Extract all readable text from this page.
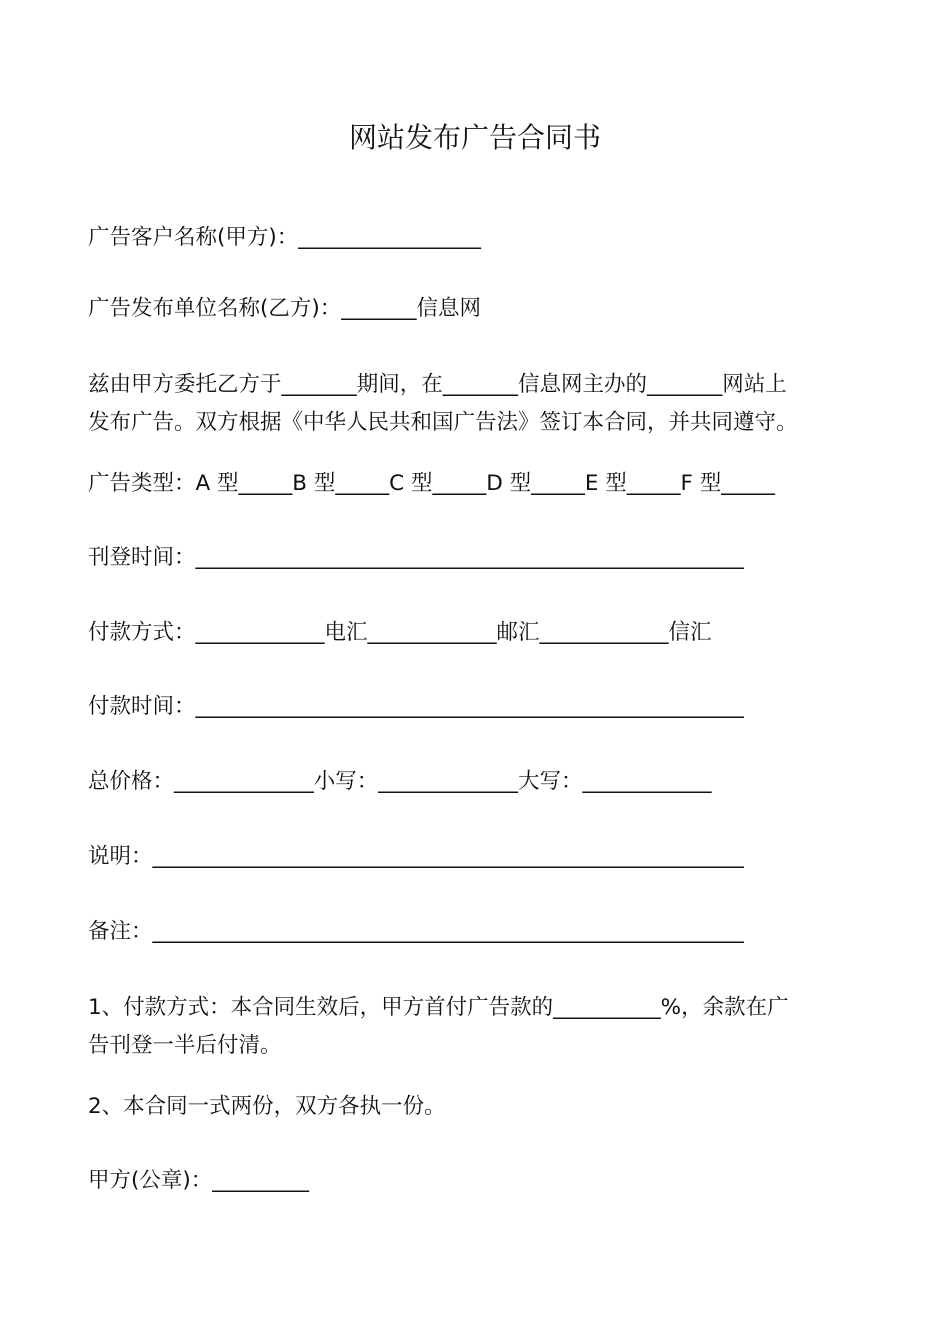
网站发布广告合同书
广告客户名称(甲方)：_________________
广告发布单位名称(乙方)：_______信息网
兹由甲方委托乙方于_______期间，在_______信息网主办的_______网站上
发布广告。双方根据《中华人民共和国广告法》签订本合同，并共同遵守。
广告类型：A 型_____B 型_____C 型_____D 型_____E 型_____F 型_____
刊登时间：___________________________________________________
付款方式：____________电汇____________邮汇____________信汇
付款时间：___________________________________________________
总价格：_____________小写：_____________大写：____________
说明：_______________________________________________________
备注：_______________________________________________________
1、付款方式：本合同生效后，甲方首付广告款的__________%，余款在广
告刊登一半后付清。
2、本合同一式两份，双方各执一份。
甲方(公章)：_________
